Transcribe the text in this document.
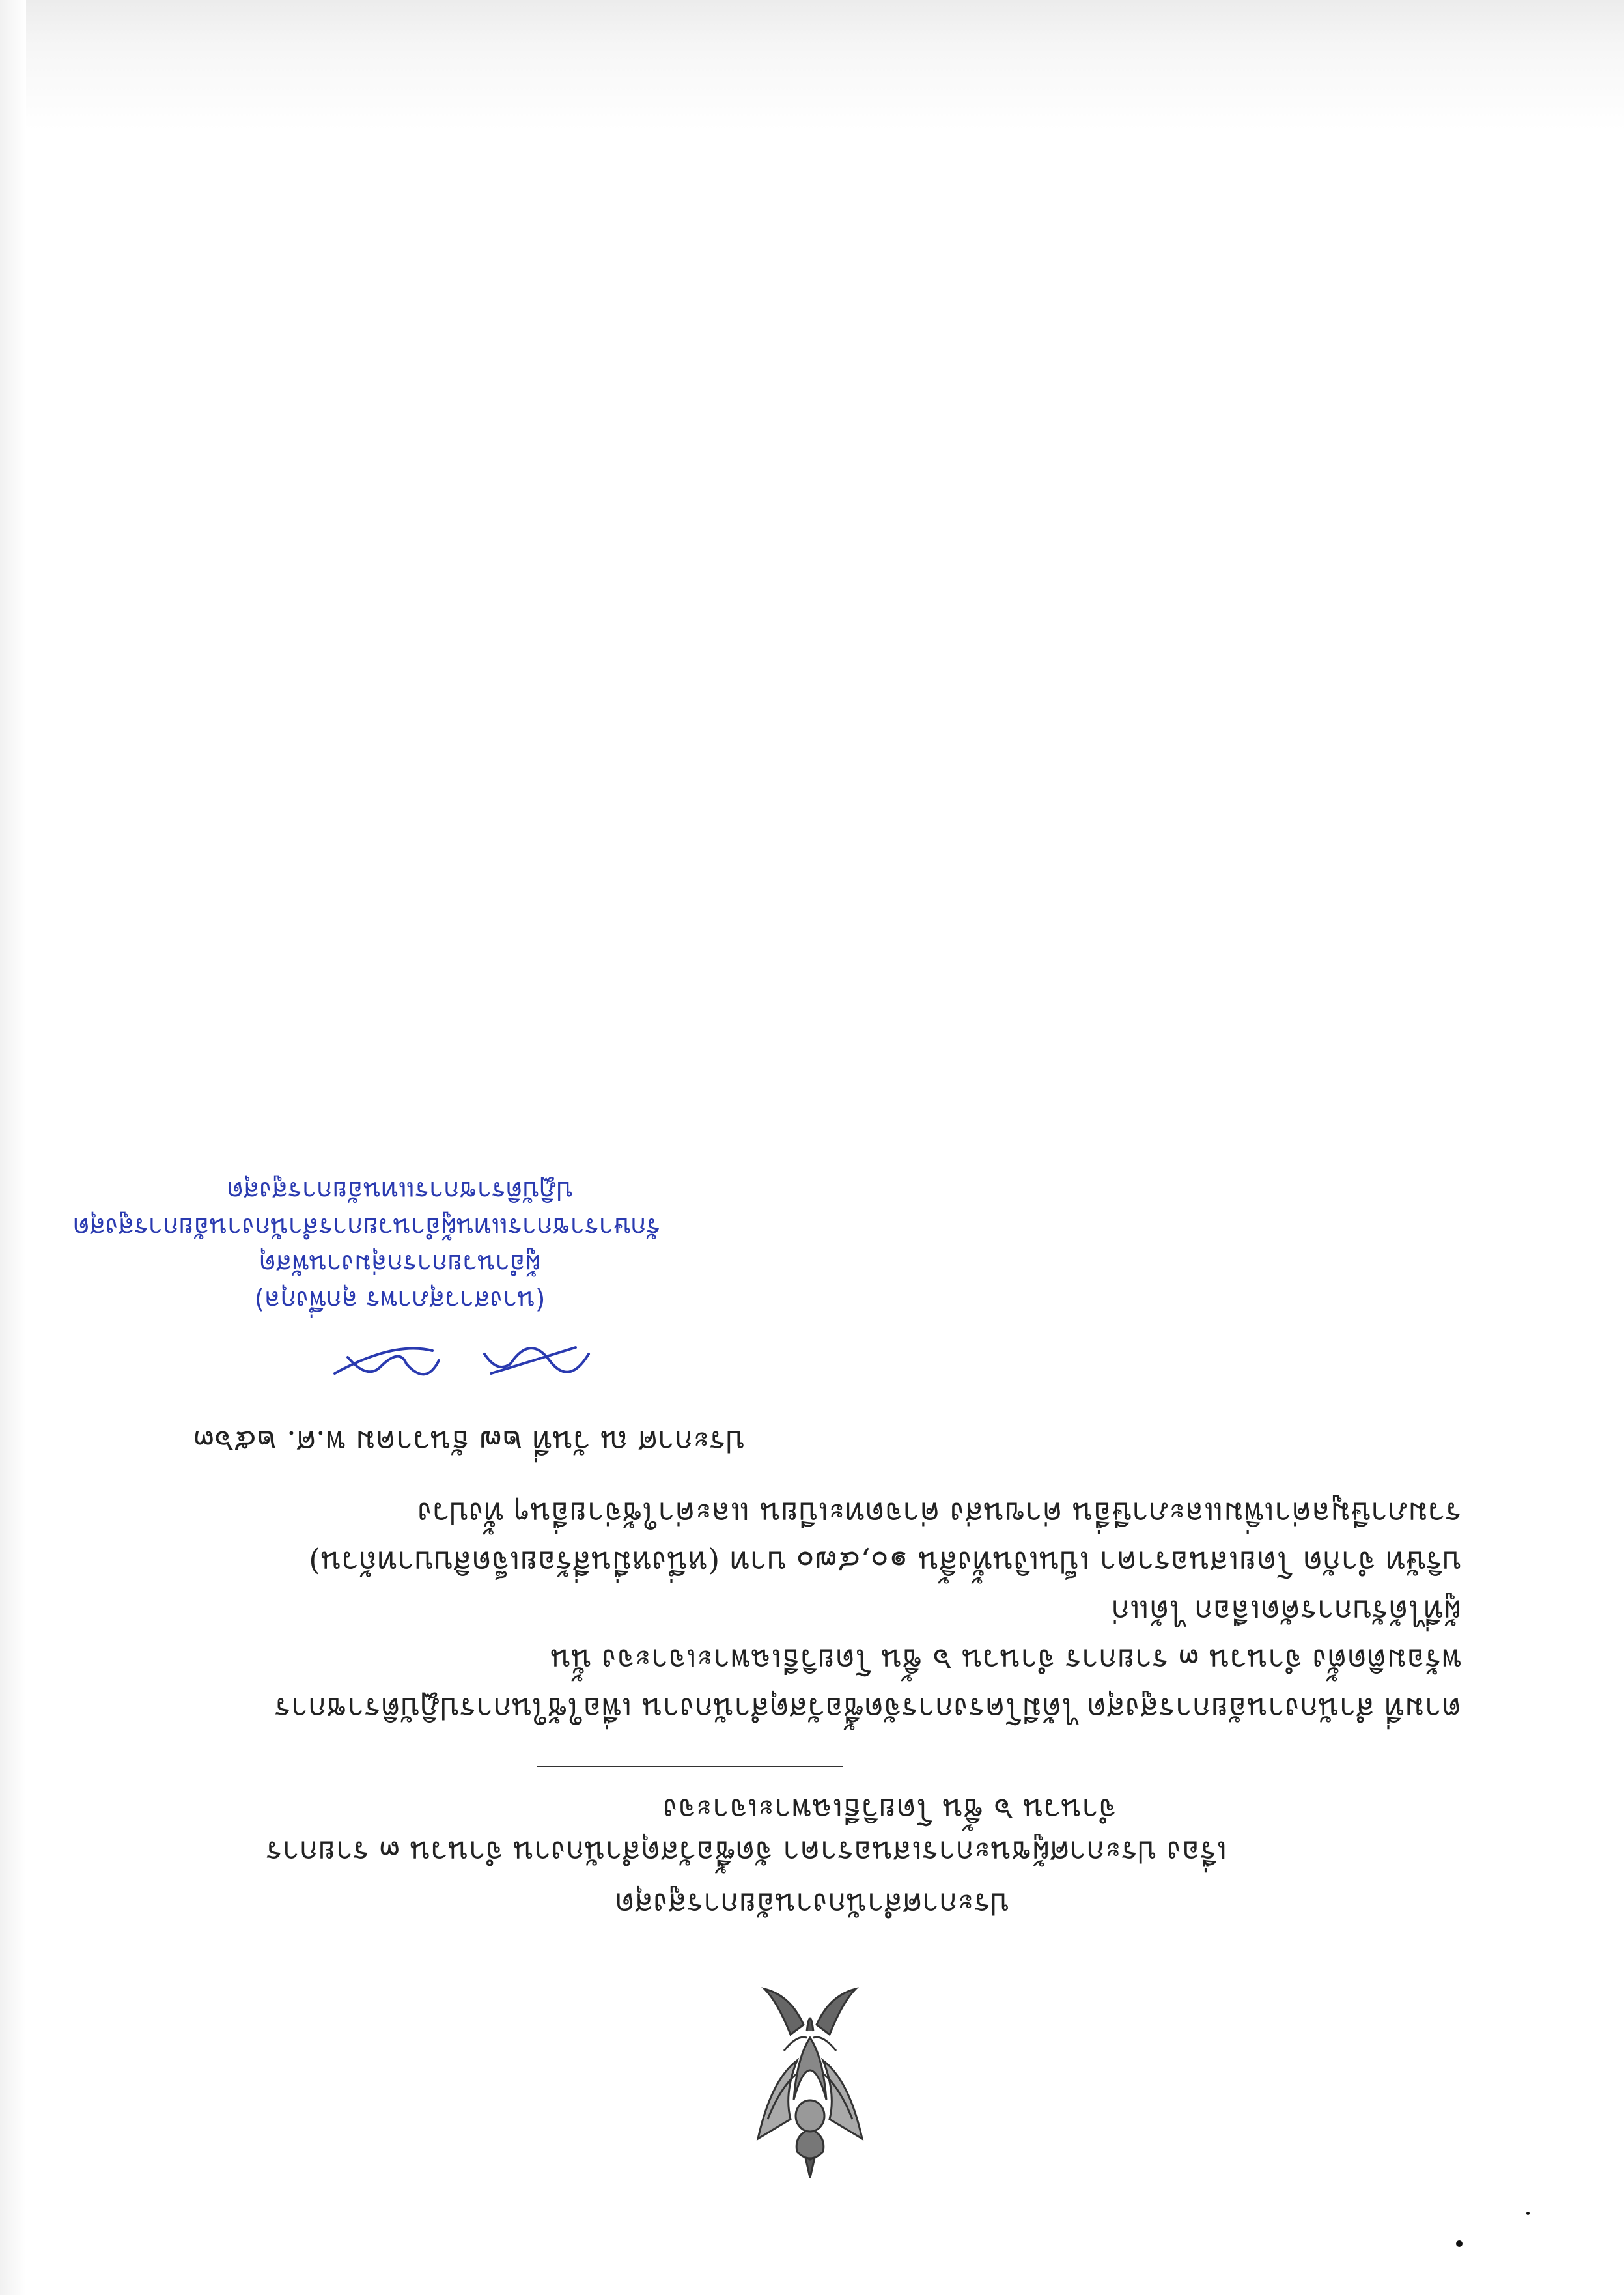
ประกาศสำนักงานอัยการสูงสุด
เรื่อง ประกาศผู้ชนะการเสนอราคา จัดซื้อวัสดุสำนักงาน จำนวน ๓ รายการ
จำนวน ๖ ชิ้น โดยวิธีเฉพาะเจาะจง
ตามที่ สำนักงานอัยการสูงสุด ได้มีโครงการจัดซื้อวัสดุสำนักงาน เพื่อใช้ในการปฏิบัติราชการ
พร้อมติดตั้ง จำนวน ๓ รายการ จำนวน ๖ ชิ้น โดยวิธีเฉพาะเจาะจง นั้น
ผู้ที่ได้รับการคัดเลือก ได้แก่
บริษัท จำกัด โดยเสนอราคา เป็นเงินทั้งสิ้น ๑๐,๔๗๐ บาท (หนึ่งหมื่นสี่ร้อยเจ็ดสิบบาทถ้วน)
รวมภาษีมูลค่าเพิ่มและภาษีอื่น ค่าขนส่ง ค่าจดทะเบียน และค่าใช้จ่ายอื่นๆ ทั้งปวง
ประกาศ ณ วันที่ ๒๗ ธันวาคม พ.ศ. ๒๕๖๓
(นางสาวสุภาพร ลุกพึ่งกุล)
ผู้อำนวยการกลุ่มงานพัสดุ
รักษาราชการแทนผู้อำนวยการสำนักงานอัยการสูงสุด
ปฏิบัติราชการแทนอัยการสูงสุด
